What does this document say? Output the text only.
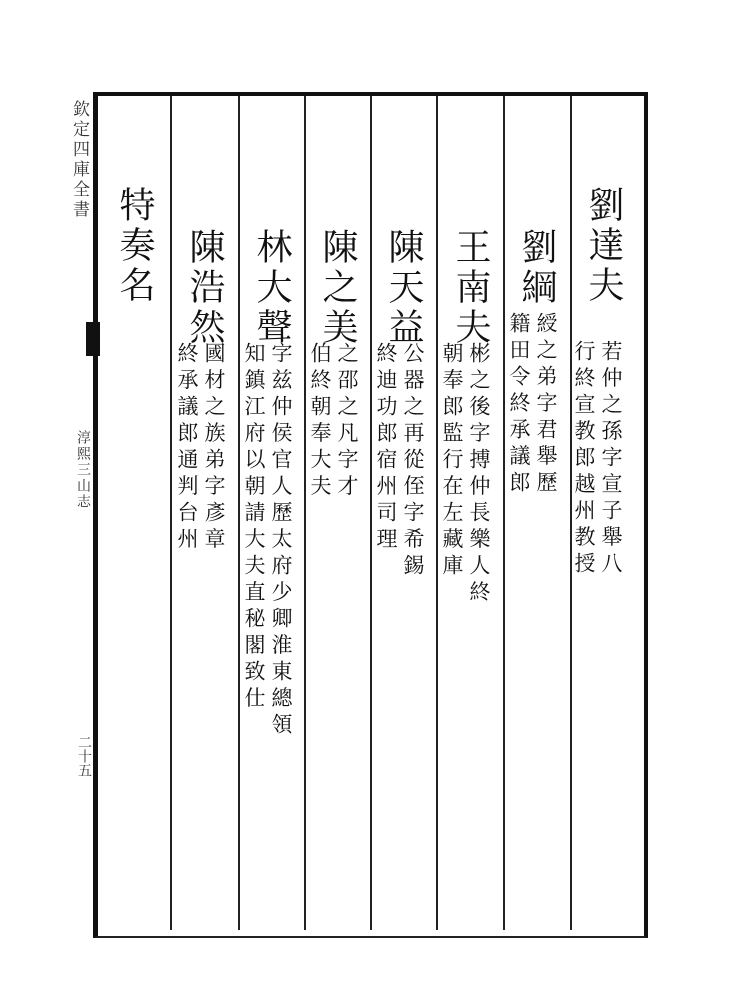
欽定四庫全書
淳熙三山志
二十五
劉達夫
若仲之孫字宣子舉八
行終宣教郎越州教授
劉綱
綬之弟字君舉歷
籍田令終承議郎
王南夫
彬之後字搏仲長樂人終
朝奉郎監行在左藏庫
陳天益
公器之再從侄字希錫
終迪功郎宿州司理
陳之美
之邵之凡字才
伯終朝奉大夫
林大聲
字兹仲侯官人歷太府少卿淮東總領
知鎮江府以朝請大夫直秘閣致仕
陳浩然
國材之族弟字彥章
終承議郎通判台州
特奏名
